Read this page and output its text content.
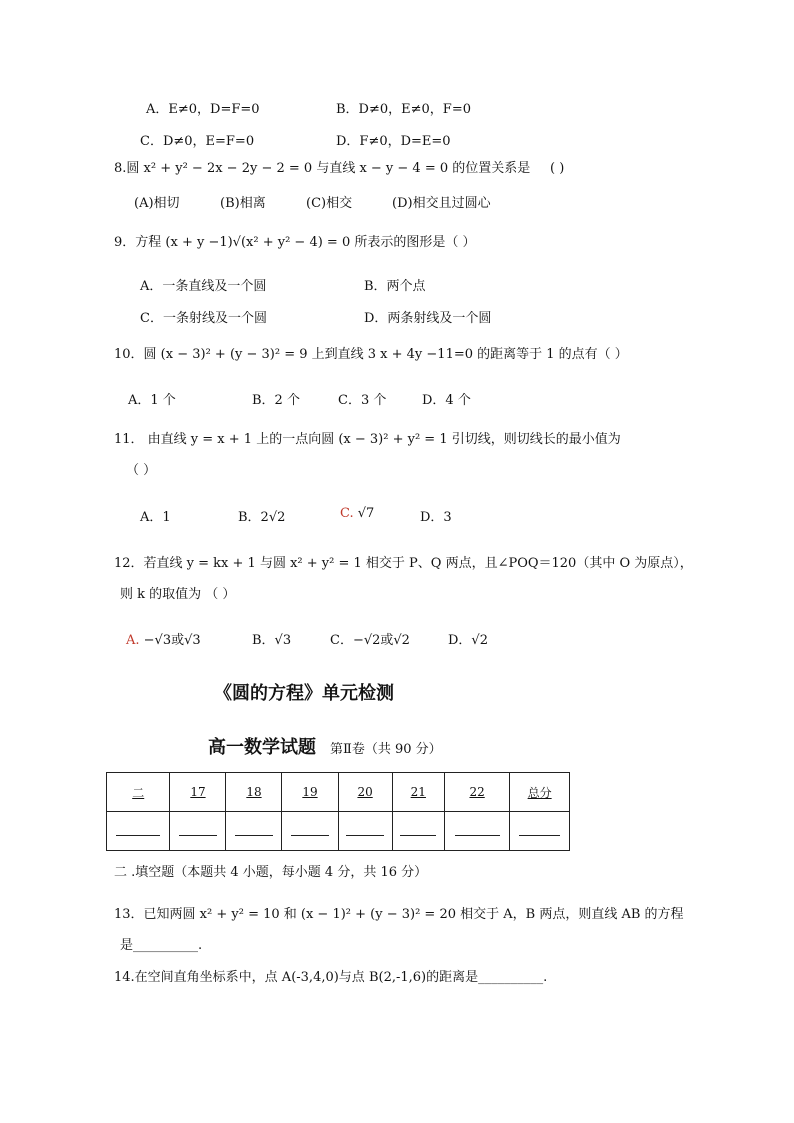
A．E≠0，D=F=0	B．D≠0，E≠0，F=0
C．D≠0，E=F=0	D．F≠0，D=E=0
8.圆 x² + y² − 2x − 2y − 2 = 0 与直线 x − y − 4 = 0 的位置关系是 ( )
(A)相切	(B)相离	(C)相交	(D)相交且过圆心
9．方程 (x + y −1)√(x² + y² − 4) = 0 所表示的图形是（ ）
A．一条直线及一个圆	B．两个点
C．一条射线及一个圆	D．两条射线及一个圆
10．圆 (x − 3)² + (y − 3)² = 9 上到直线 3 x + 4y −11=0 的距离等于 1 的点有（ ）
A．1 个	B．2 个	C．3 个	D．4 个
11． 由直线 y = x + 1 上的一点向圆 (x − 3)² + y² = 1 引切线，则切线长的最小值为
（ ）
A．1	B．2√2	C. √7	D．3
12．若直线 y = kx + 1 与圆 x² + y² = 1 相交于 P、Q 两点，且∠POQ＝120（其中 O 为原点），
则 k 的取值为 （ ）
A. −√3或√3	B．√3	C．−√2或√2	D．√2
《圆的方程》单元检测
高一数学试题 第Ⅱ卷（共 90 分）
二	17	18	19	20	21	22	总分

二 .填空题（本题共 4 小题，每小题 4 分，共 16 分）
13．已知两圆 x² + y² = 10 和 (x − 1)² + (y − 3)² = 20 相交于 A，B 两点，则直线 AB 的方程
是__________.
14.在空间直角坐标系中，点 A(-3,4,0)与点 B(2,-1,6)的距离是__________.
